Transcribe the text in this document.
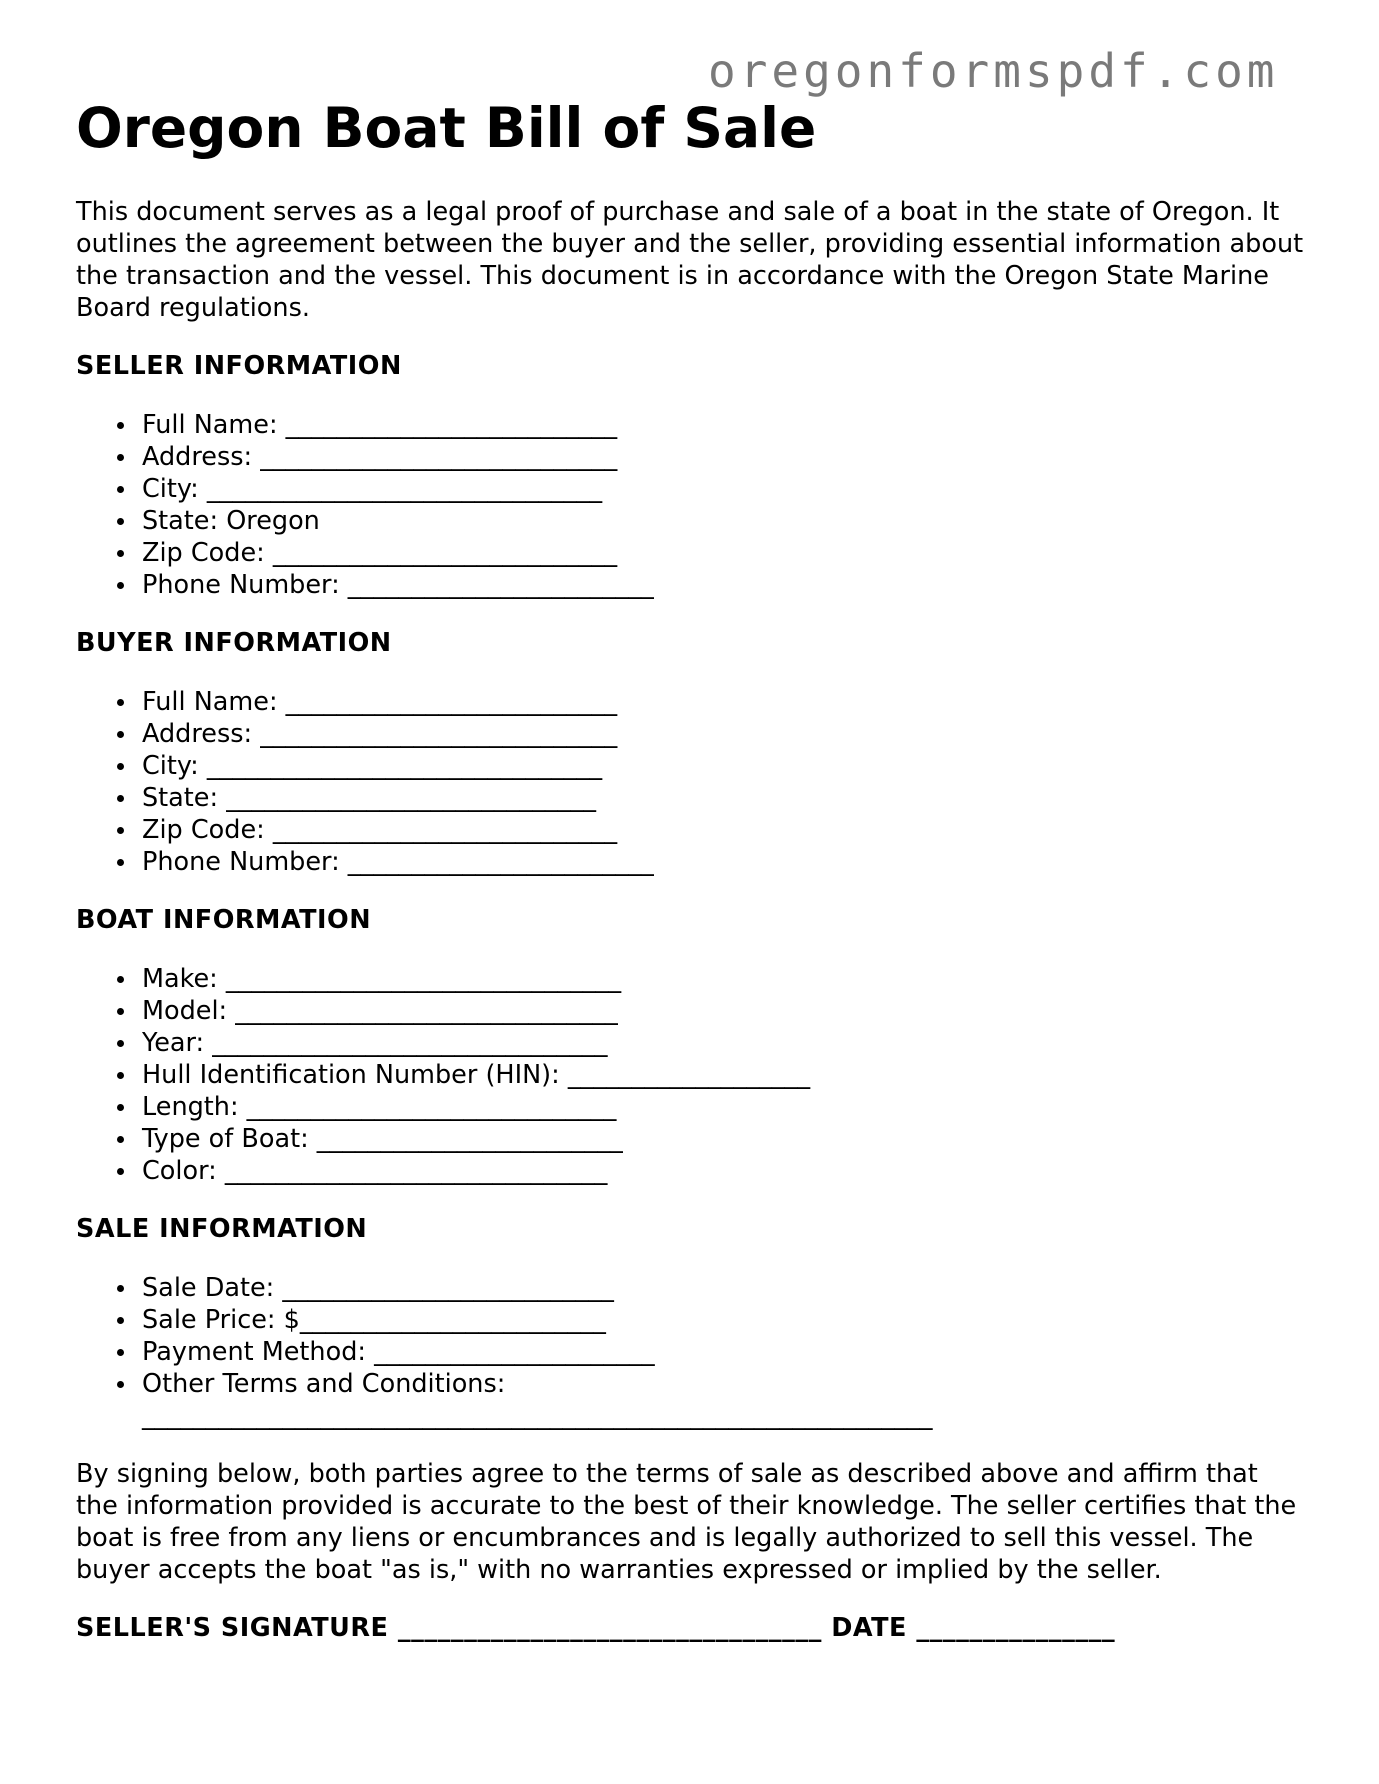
oregonformspdf.com
Oregon Boat Bill of Sale

This document serves as a legal proof of purchase and sale of a boat in the state of Oregon. It outlines the agreement between the buyer and the seller, providing essential information about the transaction and the vessel. This document is in accordance with the Oregon State Marine Board regulations.

SELLER INFORMATION
Full Name: __________________________
Address: ____________________________
City: _______________________________
State: Oregon
Zip Code: ___________________________
Phone Number: ________________________
BUYER INFORMATION
Full Name: __________________________
Address: ____________________________
City: _______________________________
State: _____________________________
Zip Code: ___________________________
Phone Number: ________________________
BOAT INFORMATION
Make: _______________________________
Model: ______________________________
Year: _______________________________
Hull Identification Number (HIN): ___________________
Length: _____________________________
Type of Boat: ________________________
Color: ______________________________
SALE INFORMATION
Sale Date: __________________________
Sale Price: $________________________
Payment Method: ______________________
Other Terms and Conditions:
______________________________________________________________

By signing below, both parties agree to the terms of sale as described above and affirm that the information provided is accurate to the best of their knowledge. The seller certifies that the boat is free from any liens or encumbrances and is legally authorized to sell this vessel. The buyer accepts the boat "as is," with no warranties expressed or implied by the seller.

SELLER'S SIGNATURE ________________________________ DATE _______________
